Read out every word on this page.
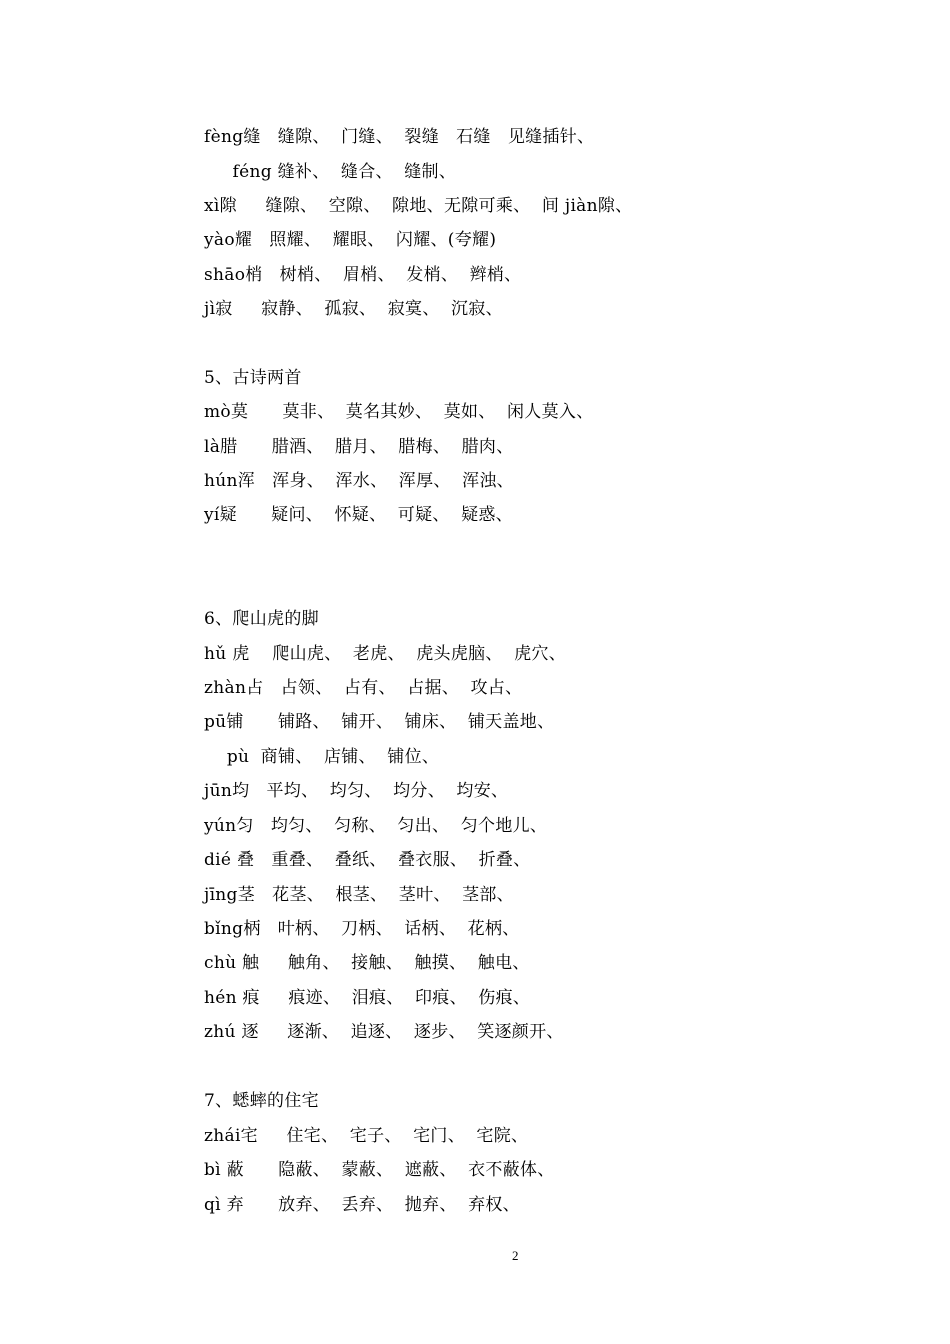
fèng缝   缝隙、  门缝、  裂缝   石缝   见缝插针、
féng 缝补、  缝合、  缝制、
xì隙     缝隙、  空隙、  隙地、无隙可乘、  间 jiàn隙、
yào耀   照耀、  耀眼、  闪耀、(夸耀)
shāo梢   树梢、  眉梢、  发梢、  辫梢、
jì寂     寂静、  孤寂、  寂寞、  沉寂、
5、古诗两首
mò莫      莫非、  莫名其妙、  莫如、  闲人莫入、
là腊      腊酒、  腊月、  腊梅、  腊肉、
hún浑   浑身、  浑水、  浑厚、  浑浊、
yí疑      疑问、  怀疑、  可疑、  疑惑、
6、爬山虎的脚
hǔ 虎    爬山虎、  老虎、  虎头虎脑、  虎穴、
zhàn占   占领、  占有、  占据、  攻占、
pū铺      铺路、  铺开、  铺床、  铺天盖地、
pù  商铺、  店铺、  铺位、
jūn均   平均、  均匀、  均分、  均安、
yún匀   均匀、  匀称、  匀出、  匀个地儿、
dié 叠   重叠、  叠纸、  叠衣服、  折叠、
jīng茎   花茎、  根茎、  茎叶、  茎部、
bǐng柄   叶柄、  刀柄、  话柄、  花柄、
chù 触     触角、  接触、  触摸、  触电、
hén 痕     痕迹、  泪痕、  印痕、  伤痕、
zhú 逐     逐渐、  追逐、  逐步、  笑逐颜开、
7、蟋蟀的住宅
zhái宅     住宅、  宅子、  宅门、  宅院、
bì 蔽      隐蔽、  蒙蔽、  遮蔽、  衣不蔽体、
qì 弃      放弃、  丢弃、  抛弃、  弃权、
2
